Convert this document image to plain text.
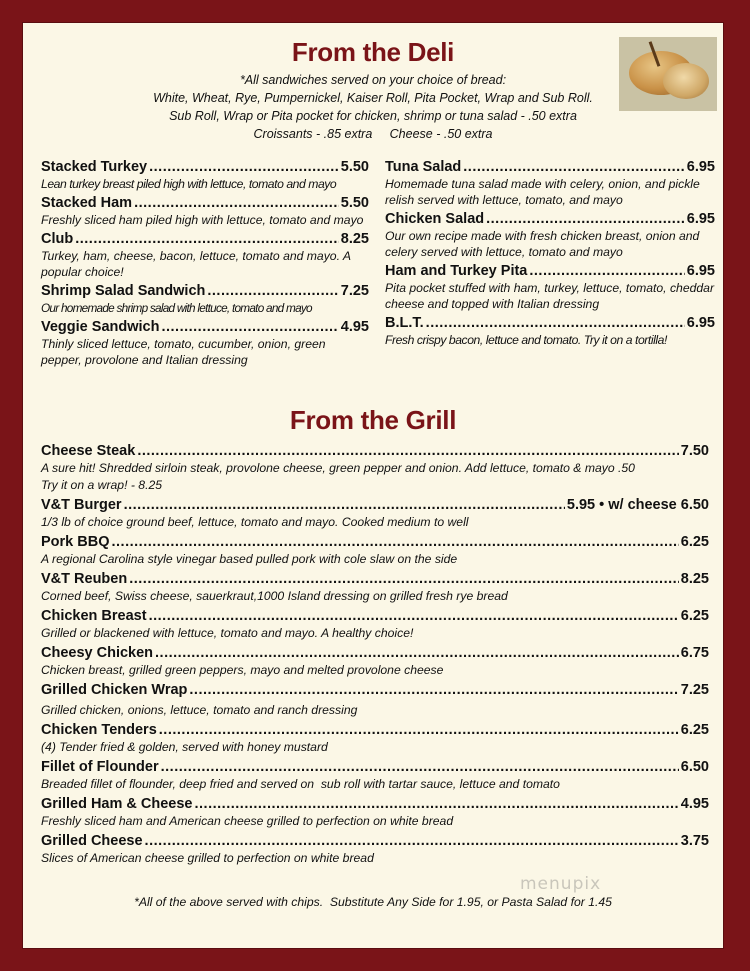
From the Deli
*All sandwiches served on your choice of bread:
White, Wheat, Rye, Pumpernickel, Kaiser Roll, Pita Pocket, Wrap and Sub Roll.
Sub Roll, Wrap or Pita pocket for chicken, shrimp or tuna salad - .50 extra
Croissants - .85 extra     Cheese - .50 extra
Stacked Turkey .....	5.50
Lean turkey breast piled high with lettuce, tomato and mayo
Stacked Ham .....	5.50
Freshly sliced ham piled high with lettuce, tomato and mayo
Club .....	8.25
Turkey, ham, cheese, bacon, lettuce, tomato and mayo. A popular choice!
Shrimp Salad Sandwich .....	7.25
Our homemade shrimp salad with lettuce, tomato and mayo
Veggie Sandwich .....	4.95
Thinly sliced lettuce, tomato, cucumber, onion, green pepper, provolone and Italian dressing
Tuna Salad .....	6.95
Homemade tuna salad made with celery, onion, and pickle relish served with lettuce, tomato, and mayo
Chicken Salad .....	6.95
Our own recipe made with fresh chicken breast, onion and celery served with lettuce, tomato and mayo
Ham and Turkey Pita .....	6.95
Pita pocket stuffed with ham, turkey, lettuce, tomato, cheddar cheese and topped with Italian dressing
B.L.T. .....	6.95
Fresh crispy bacon, lettuce and tomato. Try it on a tortilla!
From the Grill
Cheese Steak .....	7.50
A sure hit! Shredded sirloin steak, provolone cheese, green pepper and onion. Add lettuce, tomato & mayo .50
Try it on a wrap! - 8.25
V&T Burger .....	5.95 • w/ cheese 6.50
1/3 lb of choice ground beef, lettuce, tomato and mayo. Cooked medium to well
Pork BBQ .....	6.25
A regional Carolina style vinegar based pulled pork with cole slaw on the side
V&T Reuben .....	8.25
Corned beef, Swiss cheese, sauerkraut,1000 Island dressing on grilled fresh rye bread
Chicken Breast .....	6.25
Grilled or blackened with lettuce, tomato and mayo. A healthy choice!
Cheesy Chicken .....	6.75
Chicken breast, grilled green peppers, mayo and melted provolone cheese
Grilled Chicken Wrap .....	7.25
Grilled chicken, onions, lettuce, tomato and ranch dressing
Chicken Tenders .....	6.25
(4) Tender fried & golden, served with honey mustard
Fillet of Flounder .....	6.50
Breaded fillet of flounder, deep fried and served on  sub roll with tartar sauce, lettuce and tomato
Grilled Ham & Cheese .....	4.95
Freshly sliced ham and American cheese grilled to perfection on white bread
Grilled Cheese .....	3.75
Slices of American cheese grilled to perfection on white bread
menupix
*All of the above served with chips.  Substitute Any Side for 1.95, or Pasta Salad for 1.45
